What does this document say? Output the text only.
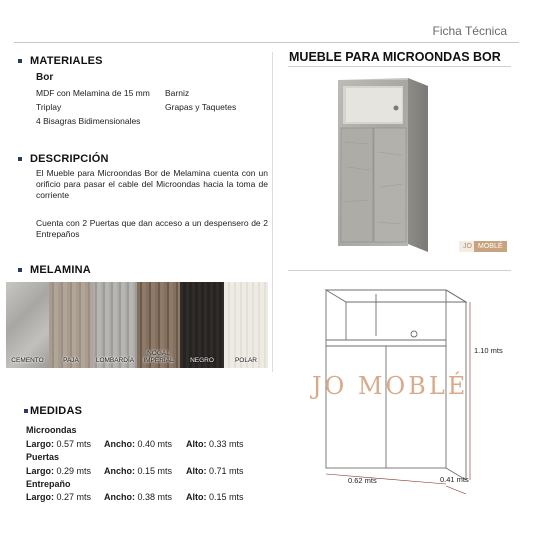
Ficha Técnica
MATERIALES
Bor
MDF con Melamina de 15 mm Barniz
Triplay	Grapas y Taquetes
4 Bisagras Bidimensionales
DESCRIPCIÓN
El Mueble para Microondas Bor de Melamina cuenta con un orificio para pasar el cable del Microondas hacia la toma de corriente
Cuenta con 2 Puertas que dan acceso a un despensero de 2 Entrepaños
MELAMINA
CEMENTO	PAJA	LOMBARDÍA
NOGAL IMPERIAL	NEGRO	POLAR
MEDIDAS
Microondas
Largo: 0.57 mts Ancho: 0.40 mts Alto: 0.33 mts
Puertas
Largo: 0.29 mts Ancho: 0.15 mts Alto: 0.71 mts
Entrepaño
Largo: 0.27 mts Ancho: 0.38 mts Alto: 0.15 mts
MUEBLE PARA MICROONDAS BOR
JO MOBLÉ
JO MOBLÉ
1.10 mts
0.62 mts	0.41 mts
